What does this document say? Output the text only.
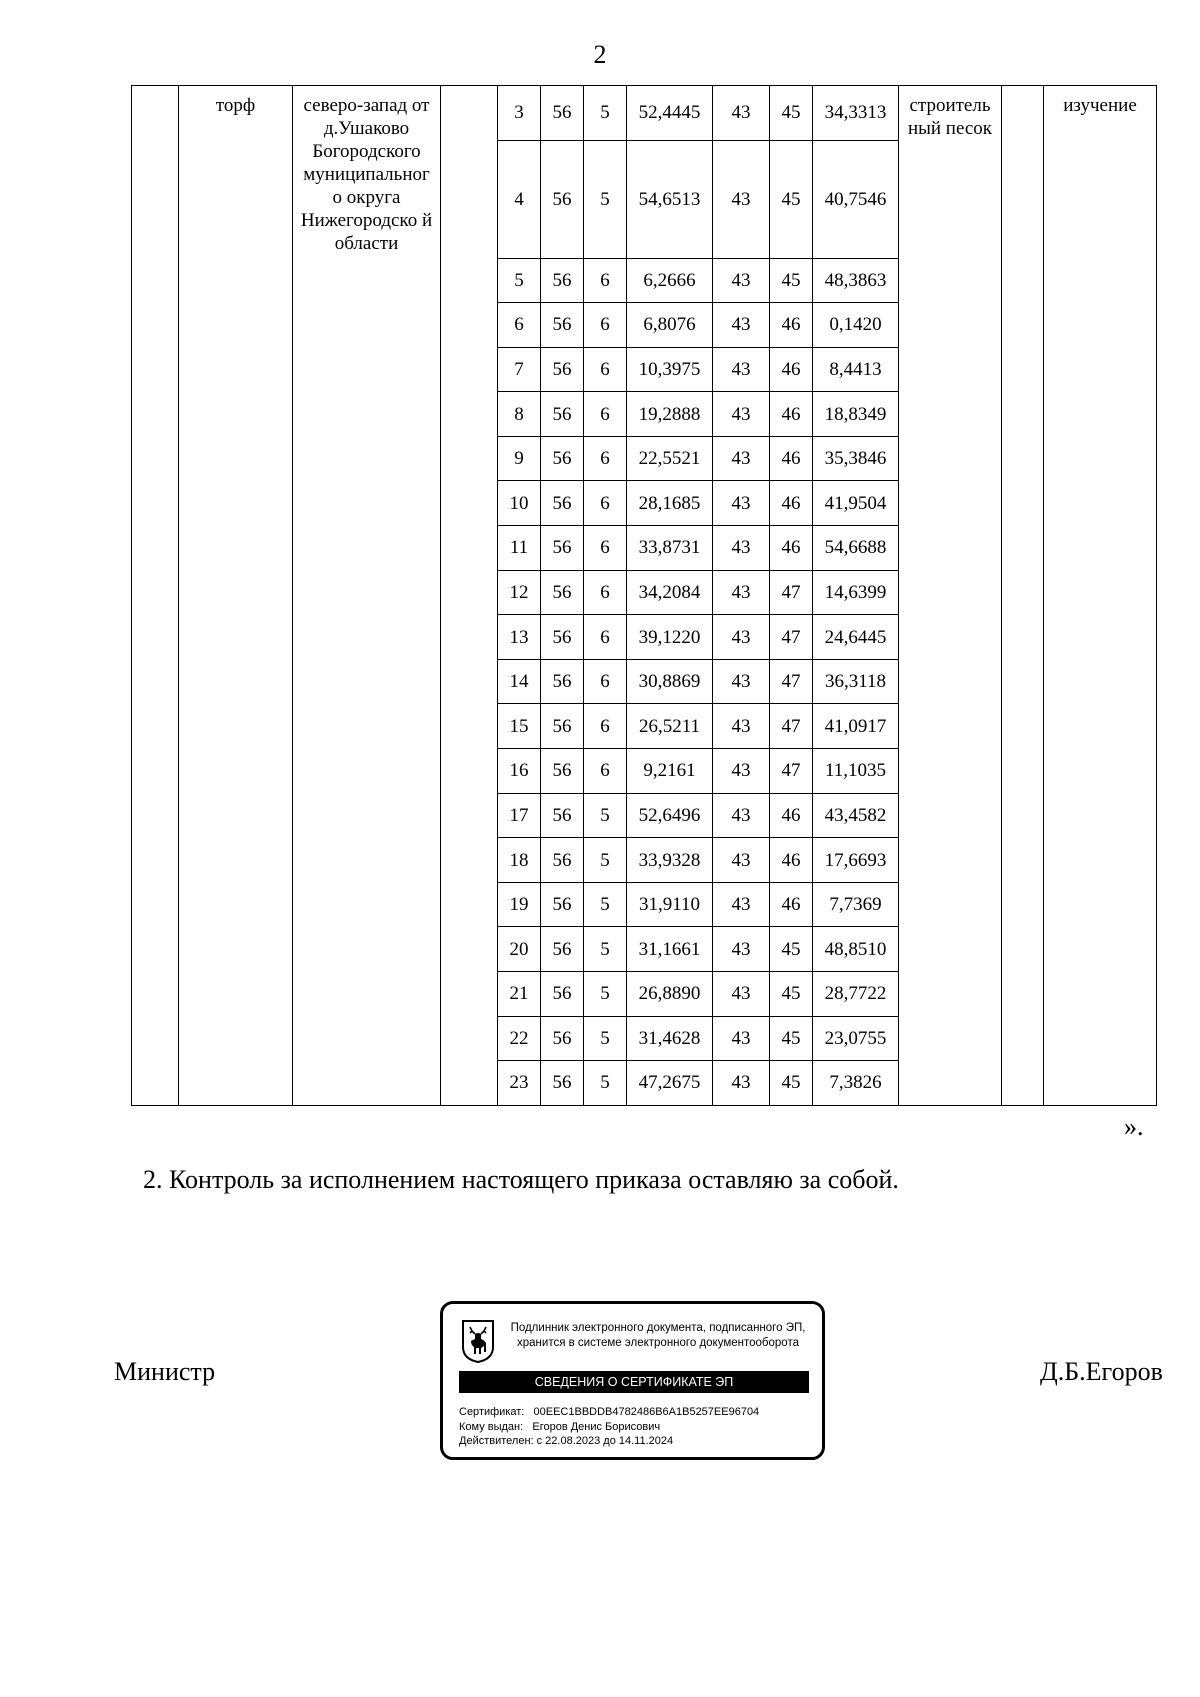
2

	торф	северо-запад от д.Ушаково Богородского муниципальног о округа Нижегородско й области		3	56	5	52,4445	43	45	34,3313	строитель ный песок		изучение

				4	56	5	54,6513	43	45	40,7546			
				5	56	6	6,2666	43	45	48,3863			
				6	56	6	6,8076	43	46	0,1420			
				7	56	6	10,3975	43	46	8,4413			
				8	56	6	19,2888	43	46	18,8349			
				9	56	6	22,5521	43	46	35,3846			
				10	56	6	28,1685	43	46	41,9504			
				11	56	6	33,8731	43	46	54,6688			
				12	56	6	34,2084	43	47	14,6399			
				13	56	6	39,1220	43	47	24,6445			
				14	56	6	30,8869	43	47	36,3118			
				15	56	6	26,5211	43	47	41,0917			
				16	56	6	9,2161	43	47	11,1035			
				17	56	5	52,6496	43	46	43,4582			
				18	56	5	33,9328	43	46	17,6693			
				19	56	5	31,9110	43	46	7,7369			
				20	56	5	31,1661	43	45	48,8510			
				21	56	5	26,8890	43	45	28,7722			
				22	56	5	31,4628	43	45	23,0755			
				23	56	5	47,2675	43	45	7,3826			
».
2. Контроль за исполнением настоящего приказа оставляю за собой.
Министр	Д.Б.Егоров
Подлинник электронного документа, подписанного ЭП,
хранится в системе электронного документооборота
СВЕДЕНИЯ О СЕРТИФИКАТЕ ЭП
Сертификат:   00EEC1BBDDB4782486B6A1B5257EE96704
Кому выдан:   Егоров Денис Борисович
Действителен: с 22.08.2023 до 14.11.2024
